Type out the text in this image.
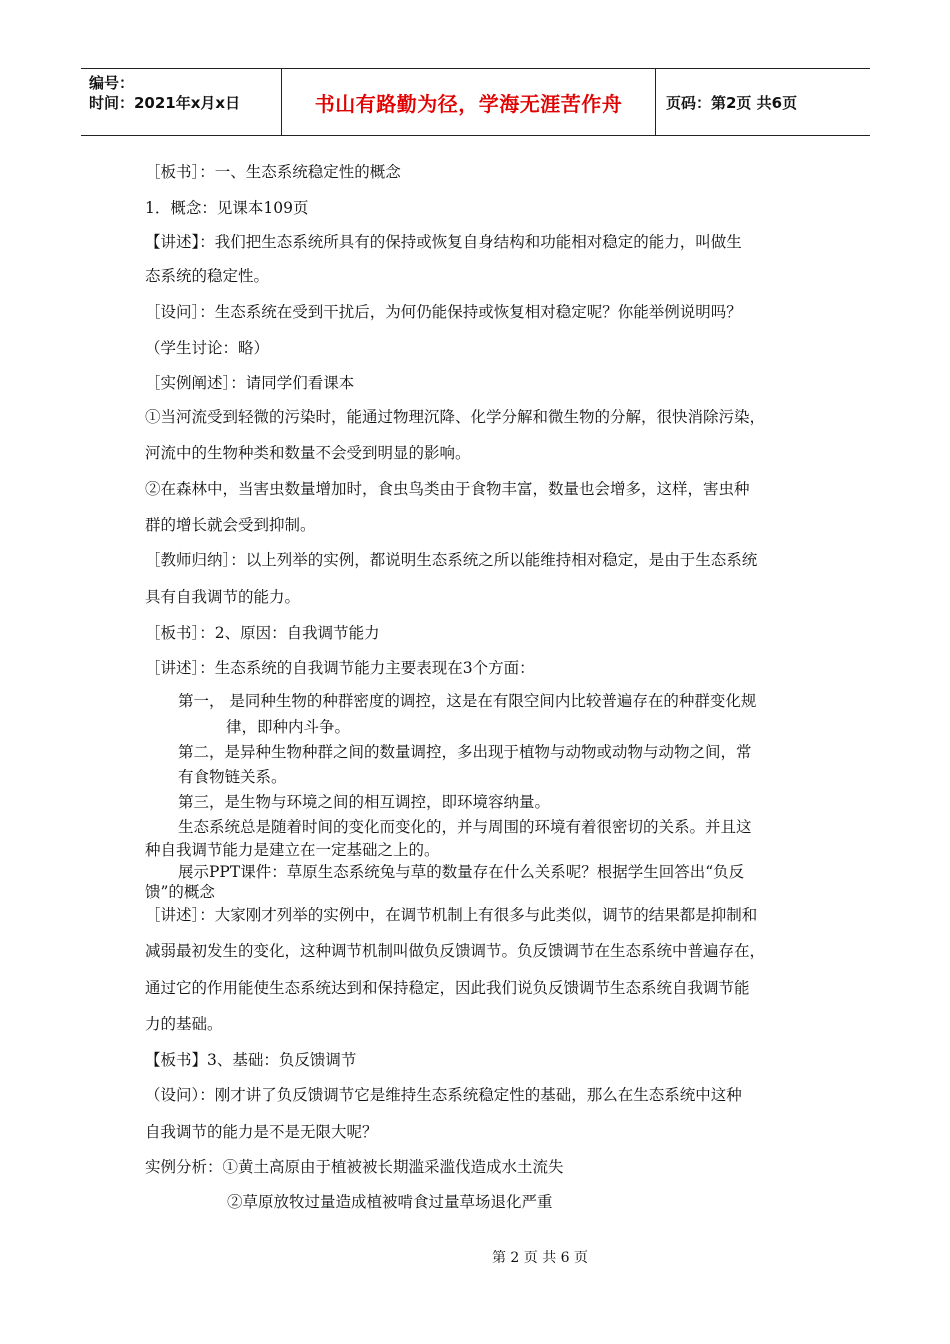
编号：
时间：2021年x月x日	书山有路勤为径，学海无涯苦作舟	页码：第2页 共6页
［板书］：一、生态系统稳定性的概念
1．概念：见课本109页
【讲述】：我们把生态系统所具有的保持或恢复自身结构和功能相对稳定的能力，叫做生
态系统的稳定性。
［设问］：生态系统在受到干扰后，为何仍能保持或恢复相对稳定呢？你能举例说明吗？
（学生讨论：略）
［实例阐述］：请同学们看课本
①当河流受到轻微的污染时，能通过物理沉降、化学分解和微生物的分解，很快消除污染，
河流中的生物种类和数量不会受到明显的影响。
②在森林中，当害虫数量增加时，食虫鸟类由于食物丰富，数量也会增多，这样，害虫种
群的增长就会受到抑制。
［教师归纳］：以上列举的实例，都说明生态系统之所以能维持相对稳定，是由于生态系统
具有自我调节的能力。
［板书］：2、原因：自我调节能力
［讲述］：生态系统的自我调节能力主要表现在3个方面：
第一， 是同种生物的种群密度的调控，这是在有限空间内比较普遍存在的种群变化规
律，即种内斗争。
第二，是异种生物种群之间的数量调控，多出现于植物与动物或动物与动物之间，常
有食物链关系。
第三，是生物与环境之间的相互调控，即环境容纳量。
生态系统总是随着时间的变化而变化的，并与周围的环境有着很密切的关系。并且这
种自我调节能力是建立在一定基础之上的。
展示PPT课件：草原生态系统兔与草的数量存在什么关系呢？根据学生回答出“负反
馈”的概念
［讲述］：大家刚才列举的实例中，在调节机制上有很多与此类似，调节的结果都是抑制和
减弱最初发生的变化，这种调节机制叫做负反馈调节。负反馈调节在生态系统中普遍存在，
通过它的作用能使生态系统达到和保持稳定，因此我们说负反馈调节生态系统自我调节能
力的基础。
【板书】3、基础：负反馈调节
（设问）：刚才讲了负反馈调节它是维持生态系统稳定性的基础，那么在生态系统中这种
自我调节的能力是不是无限大呢？
实例分析：①黄土高原由于植被被长期滥采滥伐造成水土流失
②草原放牧过量造成植被啃食过量草场退化严重
第 2 页 共 6 页
